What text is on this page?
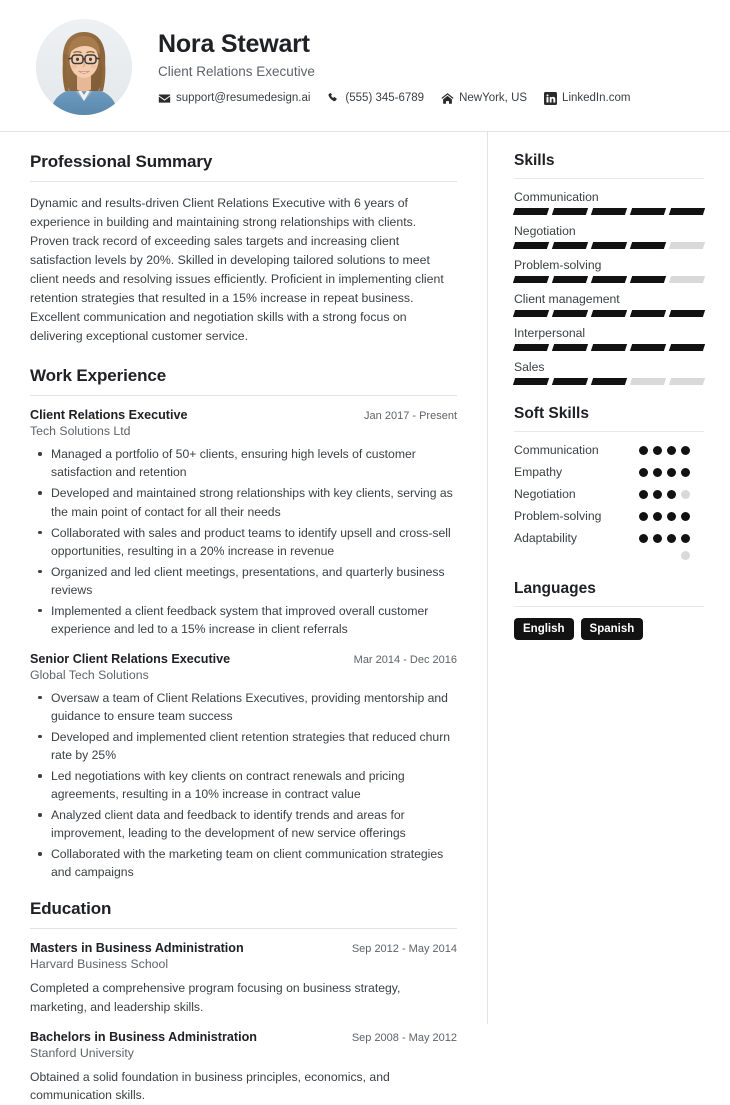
Nora Stewart
Client Relations Executive
support@resumedesign.ai	(555) 345-6789	NewYork, US	LinkedIn.com
Professional Summary
Dynamic and results-driven Client Relations Executive with 6 years of experience in building and maintaining strong relationships with clients. Proven track record of exceeding sales targets and increasing client satisfaction levels by 20%. Skilled in developing tailored solutions to meet client needs and resolving issues efficiently. Proficient in implementing client retention strategies that resulted in a 15% increase in repeat business. Excellent communication and negotiation skills with a strong focus on delivering exceptional customer service.
Work Experience
Client Relations Executive	Jan 2017 - Present
Tech Solutions Ltd
Managed a portfolio of 50+ clients, ensuring high levels of customer satisfaction and retention
Developed and maintained strong relationships with key clients, serving as the main point of contact for all their needs
Collaborated with sales and product teams to identify upsell and cross-sell opportunities, resulting in a 20% increase in revenue
Organized and led client meetings, presentations, and quarterly business reviews
Implemented a client feedback system that improved overall customer experience and led to a 15% increase in client referrals
Senior Client Relations Executive	Mar 2014 - Dec 2016
Global Tech Solutions
Oversaw a team of Client Relations Executives, providing mentorship and guidance to ensure team success
Developed and implemented client retention strategies that reduced churn rate by 25%
Led negotiations with key clients on contract renewals and pricing agreements, resulting in a 10% increase in contract value
Analyzed client data and feedback to identify trends and areas for improvement, leading to the development of new service offerings
Collaborated with the marketing team on client communication strategies and campaigns
Education
Masters in Business Administration	Sep 2012 - May 2014
Harvard Business School
Completed a comprehensive program focusing on business strategy, marketing, and leadership skills.
Bachelors in Business Administration	Sep 2008 - May 2012
Stanford University
Obtained a solid foundation in business principles, economics, and communication skills.
Skills
Communication
Negotiation
Problem-solving
Client management
Interpersonal
Sales
Soft Skills
Communication
Empathy
Negotiation
Problem-solving
Adaptability
Languages
English	Spanish
